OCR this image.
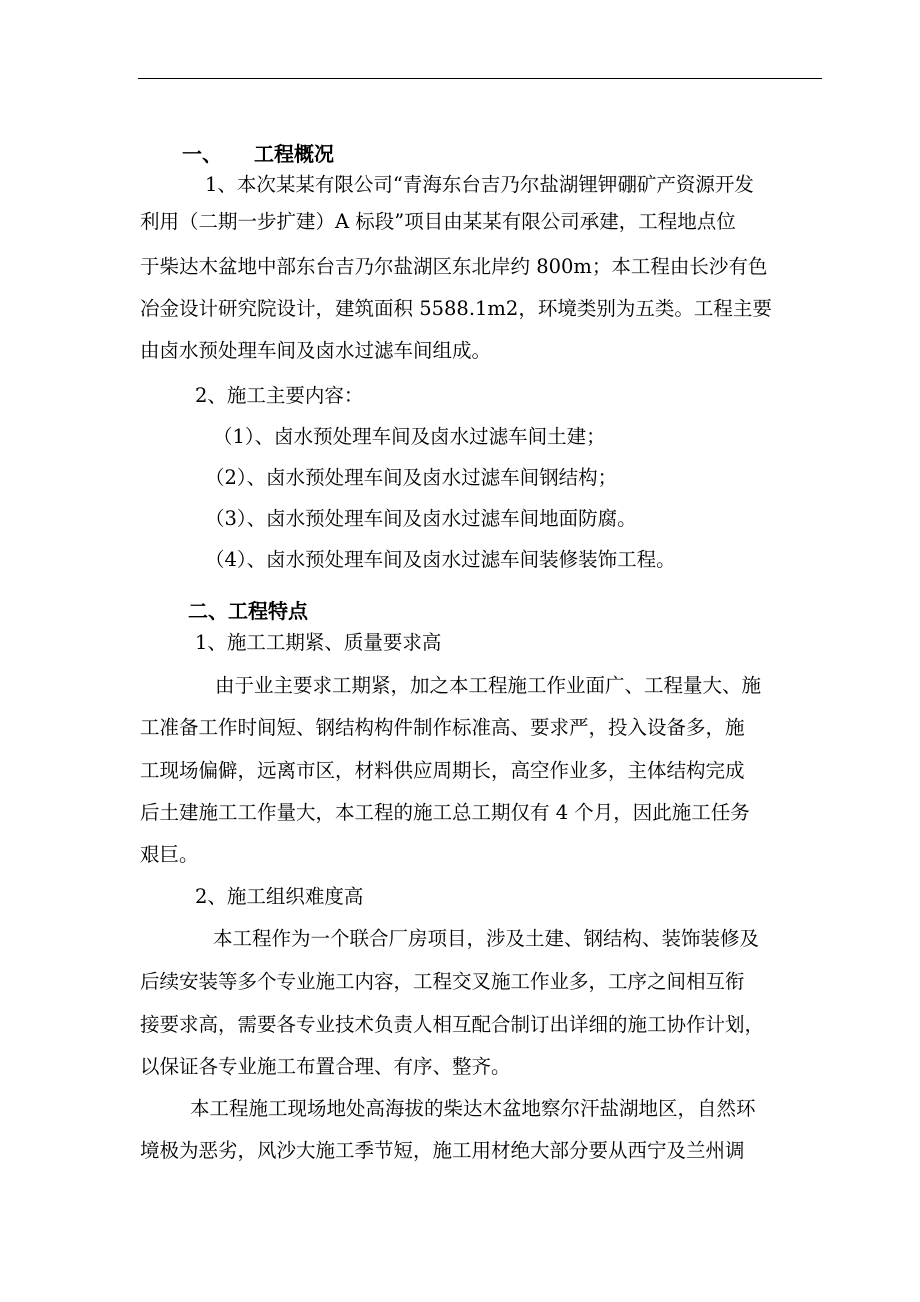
一、 工程概况
1、本次某某有限公司“青海东台吉乃尔盐湖锂钾硼矿产资源开发
利用（二期一步扩建）A 标段”项目由某某有限公司承建，工程地点位
于柴达木盆地中部东台吉乃尔盐湖区东北岸约 800m；本工程由长沙有色
冶金设计研究院设计，建筑面积 5588.1m2，环境类别为五类。工程主要
由卤水预处理车间及卤水过滤车间组成。
2、施工主要内容：
（1）、卤水预处理车间及卤水过滤车间土建；
（2）、卤水预处理车间及卤水过滤车间钢结构；
（3）、卤水预处理车间及卤水过滤车间地面防腐。
（4）、卤水预处理车间及卤水过滤车间装修装饰工程。
二、工程特点
1、施工工期紧、质量要求高
由于业主要求工期紧，加之本工程施工作业面广、工程量大、施
工准备工作时间短、钢结构构件制作标准高、要求严，投入设备多，施
工现场偏僻，远离市区，材料供应周期长，高空作业多，主体结构完成
后土建施工工作量大，本工程的施工总工期仅有 4 个月，因此施工任务
艰巨。
2、施工组织难度高
本工程作为一个联合厂房项目，涉及土建、钢结构、装饰装修及
后续安装等多个专业施工内容，工程交叉施工作业多，工序之间相互衔
接要求高，需要各专业技术负责人相互配合制订出详细的施工协作计划，
以保证各专业施工布置合理、有序、整齐。
本工程施工现场地处高海拔的柴达木盆地察尔汗盐湖地区，自然环
境极为恶劣，风沙大施工季节短，施工用材绝大部分要从西宁及兰州调
